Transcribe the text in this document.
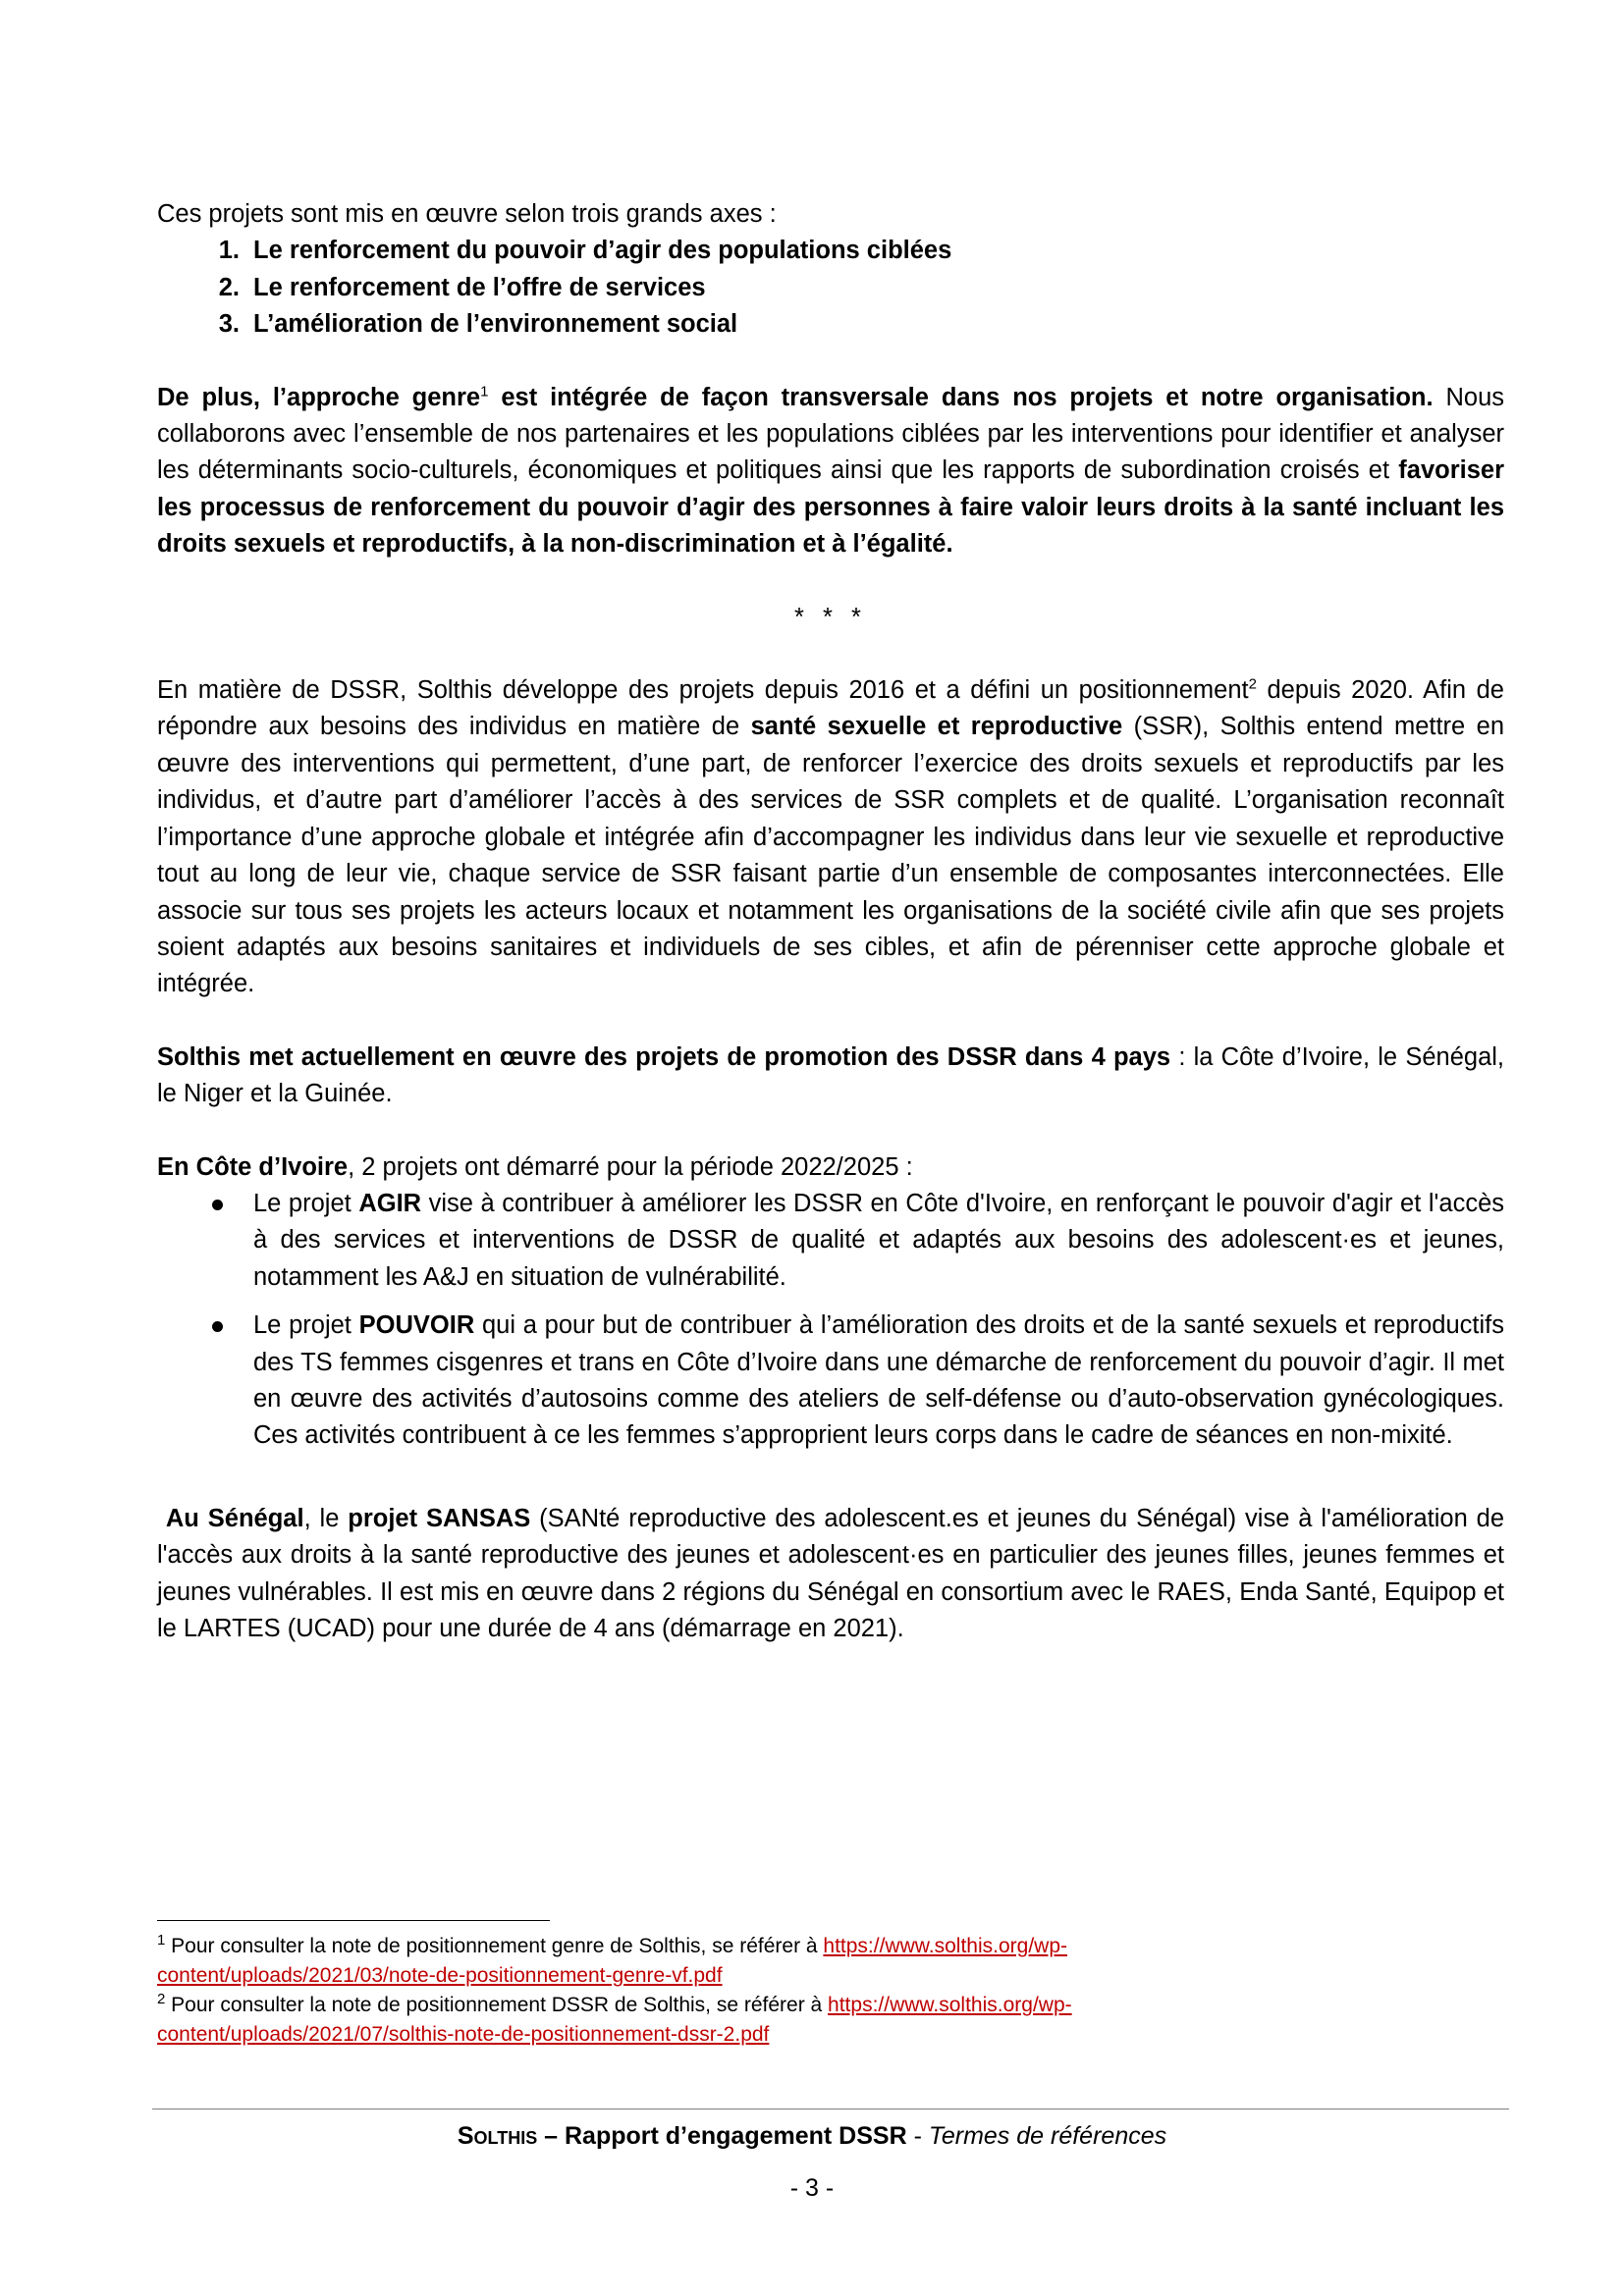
Ces projets sont mis en œuvre selon trois grands axes :

1. Le renforcement du pouvoir d’agir des populations ciblées
2. Le renforcement de l’offre de services
3. L’amélioration de l’environnement social

De plus, l’approche genre$^1$ est intégrée de façon transversale dans nos projets et notre organisation. Nous collaborons avec l’ensemble de nos partenaires et les populations ciblées par les interventions pour identifier et analyser les déterminants socio-culturels, économiques et politiques ainsi que les rapports de subordination croisés et favoriser les processus de renforcement du pouvoir d’agir des personnes à faire valoir leurs droits à la santé incluant les droits sexuels et reproductifs, à la non-discrimination et à l’égalité.

* * *

En matière de DSSR, Solthis développe des projets depuis 2016 et a défini un positionnement$^2$ depuis 2020. Afin de répondre aux besoins des individus en matière de santé sexuelle et reproductive (SSR), Solthis entend mettre en œuvre des interventions qui permettent, d’une part, de renforcer l’exercice des droits sexuels et reproductifs par les individus, et d’autre part d’améliorer l’accès à des services de SSR complets et de qualité. L’organisation reconnaît l’importance d’une approche globale et intégrée afin d’accompagner les individus dans leur vie sexuelle et reproductive tout au long de leur vie, chaque service de SSR faisant partie d’un ensemble de composantes interconnectées. Elle associe sur tous ses projets les acteurs locaux et notamment les organisations de la société civile afin que ses projets soient adaptés aux besoins sanitaires et individuels de ses cibles, et afin de pérenniser cette approche globale et intégrée.

Solthis met actuellement en œuvre des projets de promotion des DSSR dans 4 pays : la Côte d’Ivoire, le Sénégal, le Niger et la Guinée.

En Côte d’Ivoire, 2 projets ont démarré pour la période 2022/2025 :

Le projet AGIR vise à contribuer à améliorer les DSSR en Côte d'Ivoire, en renforçant le pouvoir d'agir et l'accès à des services et interventions de DSSR de qualité et adaptés aux besoins des adolescent·es et jeunes, notamment les A&J en situation de vulnérabilité.
Le projet POUVOIR qui a pour but de contribuer à l’amélioration des droits et de la santé sexuels et reproductifs des TS femmes cisgenres et trans en Côte d’Ivoire dans une démarche de renforcement du pouvoir d’agir. Il met en œuvre des activités d’autosoins comme des ateliers de self-défense ou d’auto-observation gynécologiques. Ces activités contribuent à ce les femmes s’approprient leurs corps dans le cadre de séances en non-mixité.

Au Sénégal, le projet SANSAS (SANté reproductive des adolescent.es et jeunes du Sénégal) vise à l'amélioration de l'accès aux droits à la santé reproductive des jeunes et adolescent·es en particulier des jeunes filles, jeunes femmes et jeunes vulnérables. Il est mis en œuvre dans 2 régions du Sénégal en consortium avec le RAES, Enda Santé, Equipop et le LARTES (UCAD) pour une durée de 4 ans (démarrage en 2021).

$^1$ Pour consulter la note de positionnement genre de Solthis, se référer à https://www.solthis.org/wp-
content/uploads/2021/03/note-de-positionnement-genre-vf.pdf

$^2$ Pour consulter la note de positionnement DSSR de Solthis, se référer à https://www.solthis.org/wp-
content/uploads/2021/07/solthis-note-de-positionnement-dssr-2.pdf

Solthis – Rapport d’engagement DSSR - Termes de références
- 3 -
